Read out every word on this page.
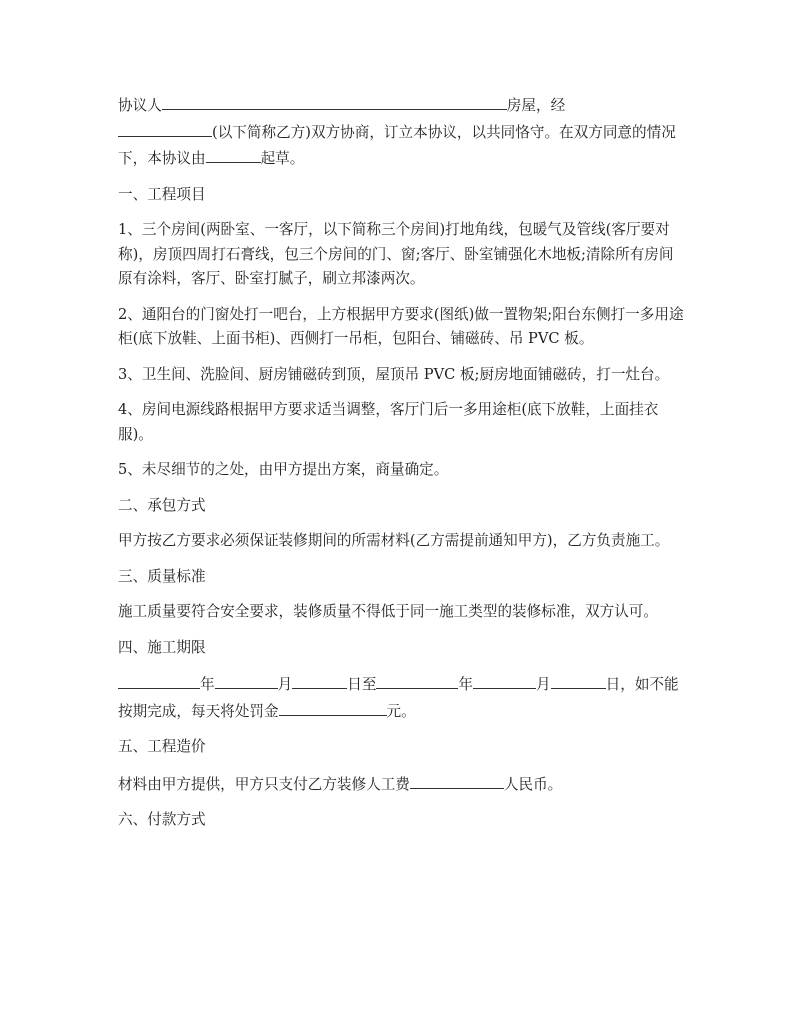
协议人	房屋，经
(以下简称乙方)双方协商，订立本协议，以共同恪守。在双方同意的情况下，本协议由	起草。

一、工程项目

1、三个房间(两卧室、一客厅，以下简称三个房间)打地角线，包暖气及管线(客厅要对称)，房顶四周打石膏线，包三个房间的门、窗;客厅、卧室铺强化木地板;清除所有房间原有涂料，客厅、卧室打腻子，刷立邦漆两次。

2、通阳台的门窗处打一吧台，上方根据甲方要求(图纸)做一置物架;阳台东侧打一多用途柜(底下放鞋、上面书柜)、西侧打一吊柜，包阳台、铺磁砖、吊 PVC 板。

3、卫生间、洗脸间、厨房铺磁砖到顶，屋顶吊 PVC 板;厨房地面铺磁砖，打一灶台。

4、房间电源线路根据甲方要求适当调整，客厅门后一多用途柜(底下放鞋，上面挂衣服)。

5、未尽细节的之处，由甲方提出方案，商量确定。

二、承包方式

甲方按乙方要求必须保证装修期间的所需材料(乙方需提前通知甲方)，乙方负责施工。

三、质量标准

施工质量要符合安全要求，装修质量不得低于同一施工类型的装修标准，双方认可。

四、施工期限

年	月	日至	年	月	日，如不能按期完成，每天将处罚金	元。

五、工程造价

材料由甲方提供，甲方只支付乙方装修人工费	人民币。

六、付款方式
